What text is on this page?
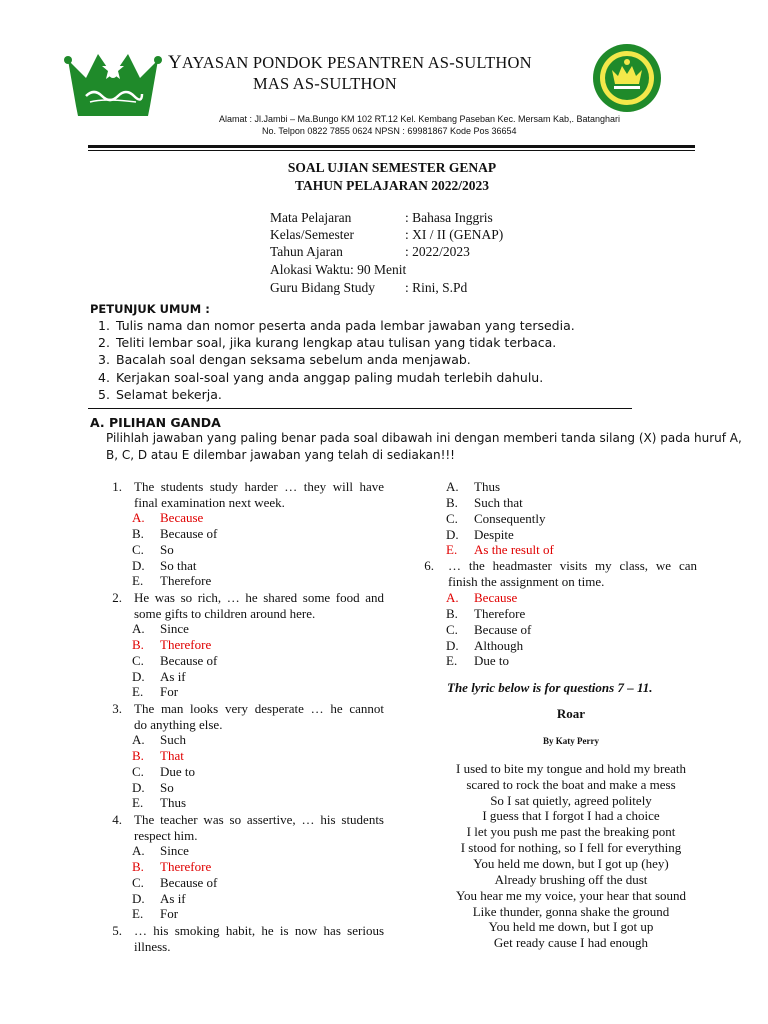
YAYASAN PONDOK PESANTREN AS-SULTHON
MAS AS-SULTHON
Alamat : Jl.Jambi – Ma.Bungo KM 102 RT.12 Kel. Kembang Paseban Kec. Mersam Kab,. Batanghari
No. Telpon 0822 7855 0624 NPSN : 69981867 Kode Pos 36654
SOAL UJIAN SEMESTER GENAP
TAHUN PELAJARAN 2022/2023
Mata Pelajaran	: Bahasa Inggris
Kelas/Semester	: XI / II (GENAP)
Tahun Ajaran	: 2022/2023
Alokasi Waktu: 90 Menit
Guru Bidang Study : Rini, S.Pd
PETUNJUK UMUM :
1. Tulis nama dan nomor peserta anda pada lembar jawaban yang tersedia.
2. Teliti lembar soal, jika kurang lengkap atau tulisan yang tidak terbaca.
3. Bacalah soal dengan seksama sebelum anda menjawab.
4. Kerjakan soal-soal yang anda anggap paling mudah terlebih dahulu.
5. Selamat bekerja.
A. PILIHAN GANDA
Pilihlah jawaban yang paling benar pada soal dibawah ini dengan memberi tanda silang (X) pada huruf A,
B, C, D atau E dilembar jawaban yang telah di sediakan!!!
1. The students study harder … they will have
final examination next week.
A. Because
B. Because of
C. So
D. So that
E. Therefore
2. He was so rich, … he shared some food and
some gifts to children around here.
A. Since
B. Therefore
C. Because of
D. As if
E. For
3. The man looks very desperate … he cannot
do anything else.
A. Such
B. That
C. Due to
D. So
E. Thus
4. The teacher was so assertive, … his students
respect him.
A. Since
B. Therefore
C. Because of
D. As if
E. For
5. … his smoking habit, he is now has serious
illness.
A. Thus
B. Such that
C. Consequently
D. Despite
E. As the result of
6. … the headmaster visits my class, we can
finish the assignment on time.
A. Because
B. Therefore
C. Because of
D. Although
E. Due to
The lyric below is for questions 7 – 11.
Roar
By Katy Perry
I used to bite my tongue and hold my breath
scared to rock the boat and make a mess
So I sat quietly, agreed politely
I guess that I forgot I had a choice
I let you push me past the breaking pont
I stood for nothing, so I fell for everything
You held me down, but I got up (hey)
Already brushing off the dust
You hear me my voice, your hear that sound
Like thunder, gonna shake the ground
You held me down, but I got up
Get ready cause I had enough
